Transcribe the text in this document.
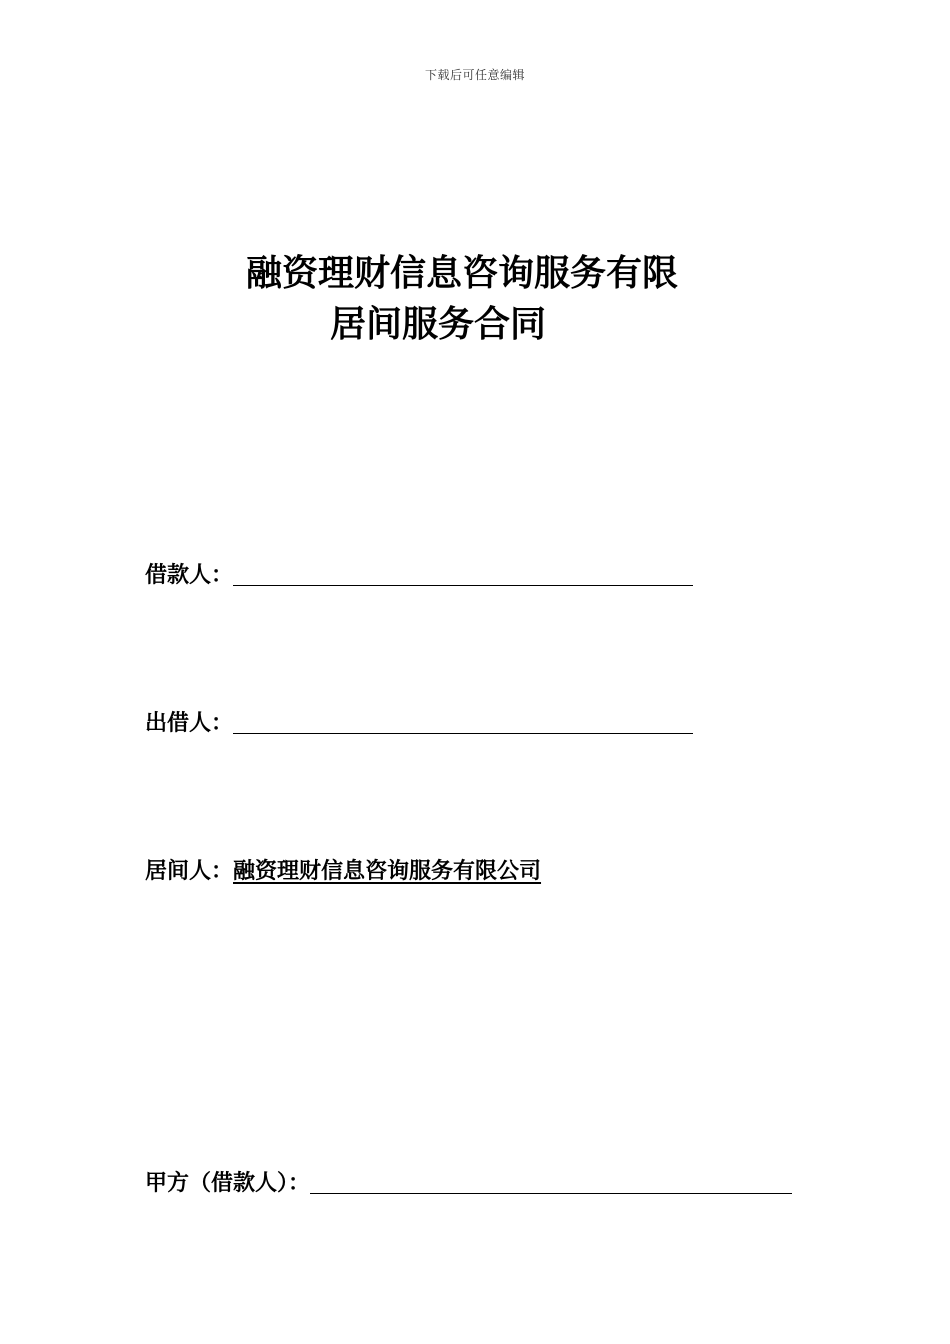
下载后可任意编辑
融资理财信息咨询服务有限
居间服务合同
借款人：
出借人：
居间人： 融资理财信息咨询服务有限公司
甲方（借款人）：
